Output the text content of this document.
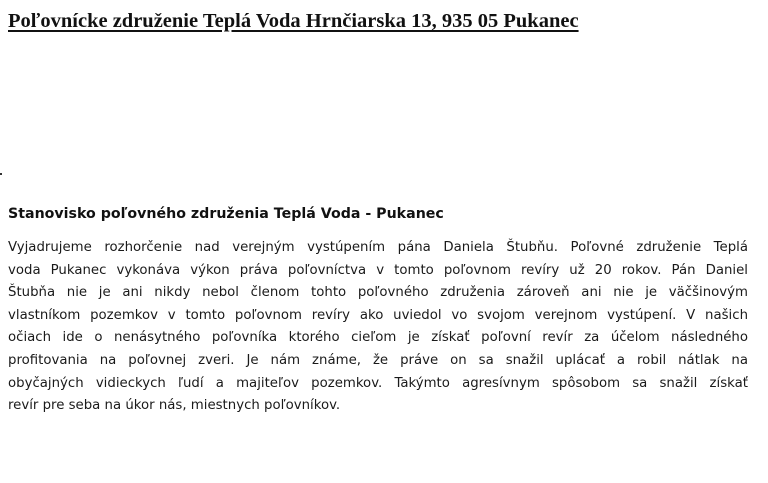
Poľovnícke združenie Teplá Voda Hrnčiarska 13, 935 05 Pukanec
Stanovisko poľovného združenia Teplá Voda - Pukanec
Vyjadrujeme rozhorčenie nad verejným vystúpením pána Daniela Štubňu. Poľovné združenie Teplá
voda Pukanec vykonáva výkon práva poľovníctva v tomto poľovnom revíry už 20 rokov. Pán Daniel
Štubňa nie je ani nikdy nebol členom tohto poľovného združenia zároveň ani nie je väčšinovým
vlastníkom pozemkov v tomto poľovnom revíry ako uviedol vo svojom verejnom vystúpení. V našich
očiach ide o nenásytného poľovníka ktorého cieľom je získať poľovní revír za účelom následného
profitovania na poľovnej zveri. Je nám známe, že práve on sa snažil uplácať a robil nátlak na
obyčajných vidieckych ľudí a majiteľov pozemkov. Takýmto agresívnym spôsobom sa snažil získať
revír pre seba na úkor nás, miestnych poľovníkov.
